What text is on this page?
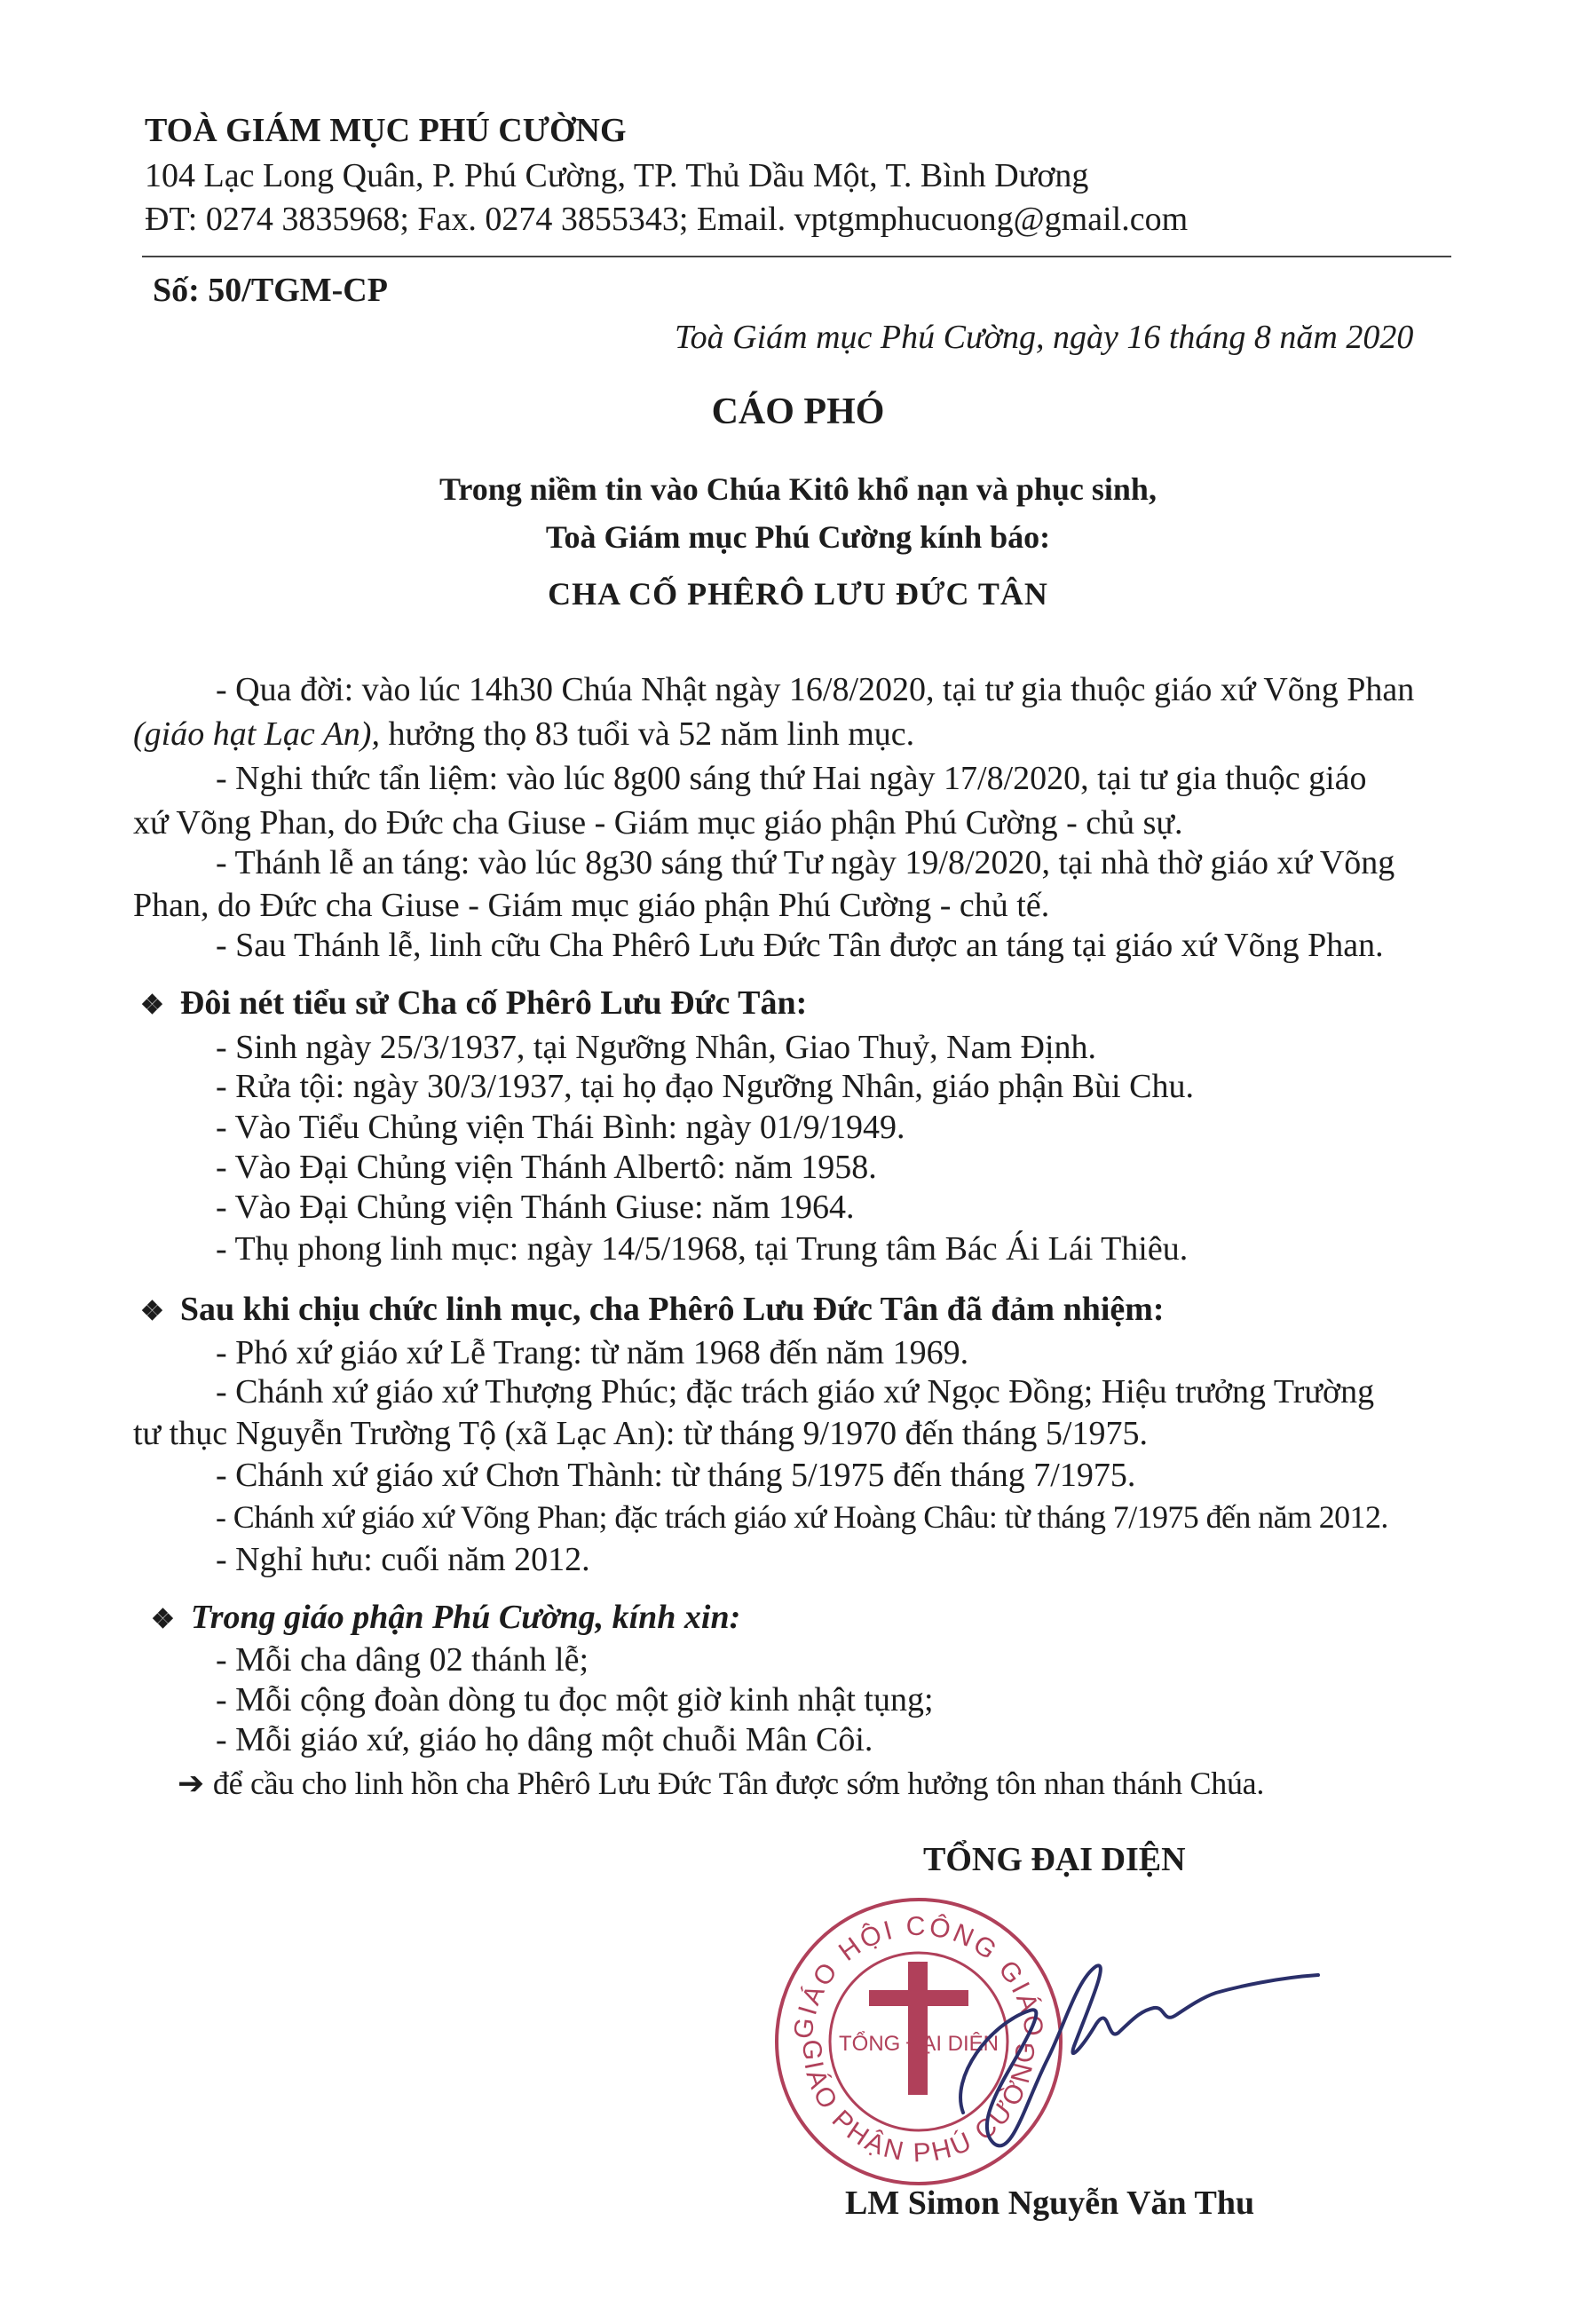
TOÀ GIÁM MỤC PHÚ CƯỜNG
104 Lạc Long Quân, P. Phú Cường, TP. Thủ Dầu Một, T. Bình Dương
ĐT: 0274 3835968; Fax. 0274 3855343; Email. vptgmphucuong@gmail.com
Số: 50/TGM-CP
Toà Giám mục Phú Cường, ngày 16 tháng 8 năm 2020
CÁO PHÓ
Trong niềm tin vào Chúa Kitô khổ nạn và phục sinh,
Toà Giám mục Phú Cường kính báo:
CHA CỐ PHÊRÔ LƯU ĐỨC TÂN
- Qua đời: vào lúc 14h30 Chúa Nhật ngày 16/8/2020, tại tư gia thuộc giáo xứ Võng Phan
(giáo hạt Lạc An), hưởng thọ 83 tuổi và 52 năm linh mục.
- Nghi thức tẩn liệm: vào lúc 8g00 sáng thứ Hai ngày 17/8/2020, tại tư gia thuộc giáo
xứ Võng Phan, do Đức cha Giuse - Giám mục giáo phận Phú Cường - chủ sự.
- Thánh lễ an táng: vào lúc 8g30 sáng thứ Tư ngày 19/8/2020, tại nhà thờ giáo xứ Võng
Phan, do Đức cha Giuse - Giám mục giáo phận Phú Cường - chủ tế.
- Sau Thánh lễ, linh cữu Cha Phêrô Lưu Đức Tân được an táng tại giáo xứ Võng Phan.
❖ Đôi nét tiểu sử Cha cố Phêrô Lưu Đức Tân:
- Sinh ngày 25/3/1937, tại Ngưỡng Nhân, Giao Thuỷ, Nam Định.
- Rửa tội: ngày 30/3/1937, tại họ đạo Ngưỡng Nhân, giáo phận Bùi Chu.
- Vào Tiểu Chủng viện Thái Bình: ngày 01/9/1949.
- Vào Đại Chủng viện Thánh Albertô: năm 1958.
- Vào Đại Chủng viện Thánh Giuse: năm 1964.
- Thụ phong linh mục: ngày 14/5/1968, tại Trung tâm Bác Ái Lái Thiêu.
❖ Sau khi chịu chức linh mục, cha Phêrô Lưu Đức Tân đã đảm nhiệm:
- Phó xứ giáo xứ Lễ Trang: từ năm 1968 đến năm 1969.
- Chánh xứ giáo xứ Thượng Phúc; đặc trách giáo xứ Ngọc Đồng; Hiệu trưởng Trường
tư thục Nguyễn Trường Tộ (xã Lạc An): từ tháng 9/1970 đến tháng 5/1975.
- Chánh xứ giáo xứ Chơn Thành: từ tháng 5/1975 đến tháng 7/1975.
- Chánh xứ giáo xứ Võng Phan; đặc trách giáo xứ Hoàng Châu: từ tháng 7/1975 đến năm 2012.
- Nghỉ hưu: cuối năm 2012.
❖ Trong giáo phận Phú Cường, kính xin:
- Mỗi cha dâng 02 thánh lễ;
- Mỗi cộng đoàn dòng tu đọc một giờ kinh nhật tụng;
- Mỗi giáo xứ, giáo họ dâng một chuỗi Mân Côi.
➔ để cầu cho linh hồn cha Phêrô Lưu Đức Tân được sớm hưởng tôn nhan thánh Chúa.
TỔNG ĐẠI DIỆN
GIÁO HỘI CÔNG GIÁO
GIÁO PHẬN PHÚ CƯỜNG
TỔNG ĐẠI DIỆN
LM Simon Nguyễn Văn Thu
